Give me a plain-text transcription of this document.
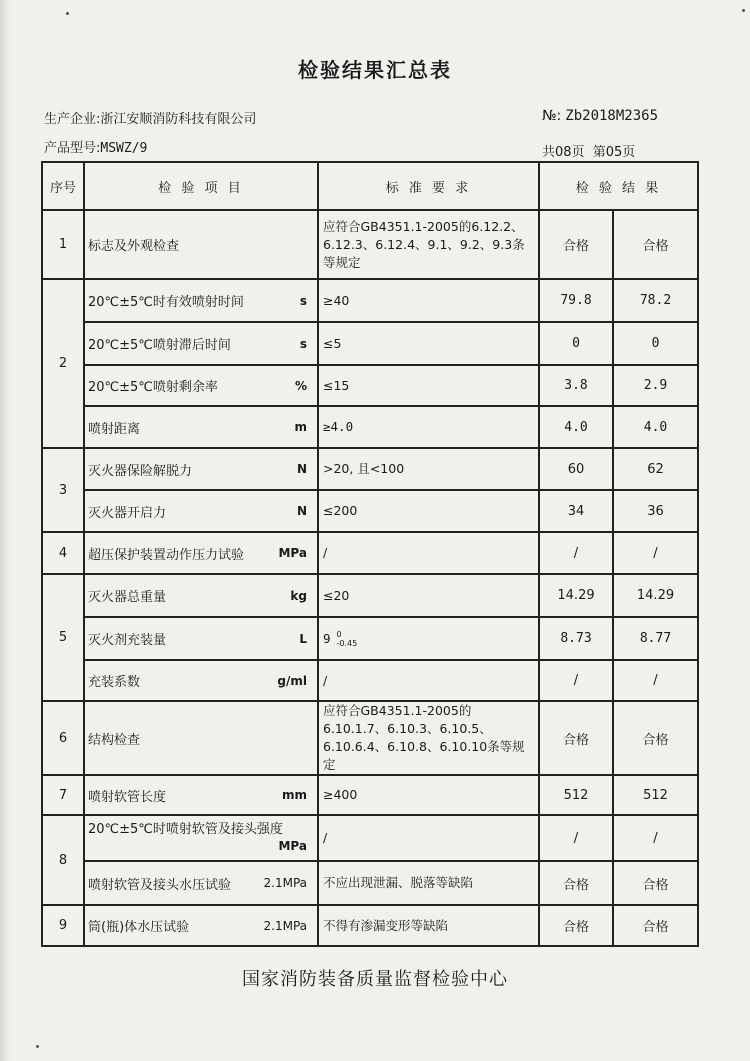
检验结果汇总表
生产企业:浙江安顺消防科技有限公司
产品型号:MSWZ/9
№: Zb2018M2365
共08页 第05页
序号	检 验 项 目	标 准 要 求	检 验 结 果	
1	标志及外观检查	应符合GB4351.1-2005的6.12.2、6.12.3、6.12.4、9.1、9.2、9.3条等规定	合格	合格
2	20℃±5℃时有效喷射时间 s	≥40	79.8	78.2

	20℃±5℃喷射滞后时间 s	≤5	0	0

	20℃±5℃喷射剩余率 %	≤15	3.8	2.9

	喷射距离 m	≥4.0	4.0	4.0
3	灭火器保险解脱力 N	>20, 且<100	60	62

	灭火器开启力 N	≤200	34	36
4	超压保护装置动作压力试验 MPa	/	/	/
5	灭火器总重量 kg	≤20	14.29	14.29

	灭火剂充装量 L	9 0
-0.45	8.73	8.77

	充装系数 g/ml	/	/	/
6	结构检查	应符合GB4351.1-2005的6.10.1.7、6.10.3、6.10.5、6.10.6.4、6.10.8、6.10.10条等规定	合格	合格
7	喷射软管长度 mm	≥400	512	512
8	20℃±5℃时喷射软管及接头强度
MPa	/	/	/

	喷射软管及接头水压试验 2.1MPa	不应出现泄漏、脱落等缺陷	合格	合格
9	筒(瓶)体水压试验 2.1MPa	不得有渗漏变形等缺陷	合格	合格
国家消防装备质量监督检验中心
